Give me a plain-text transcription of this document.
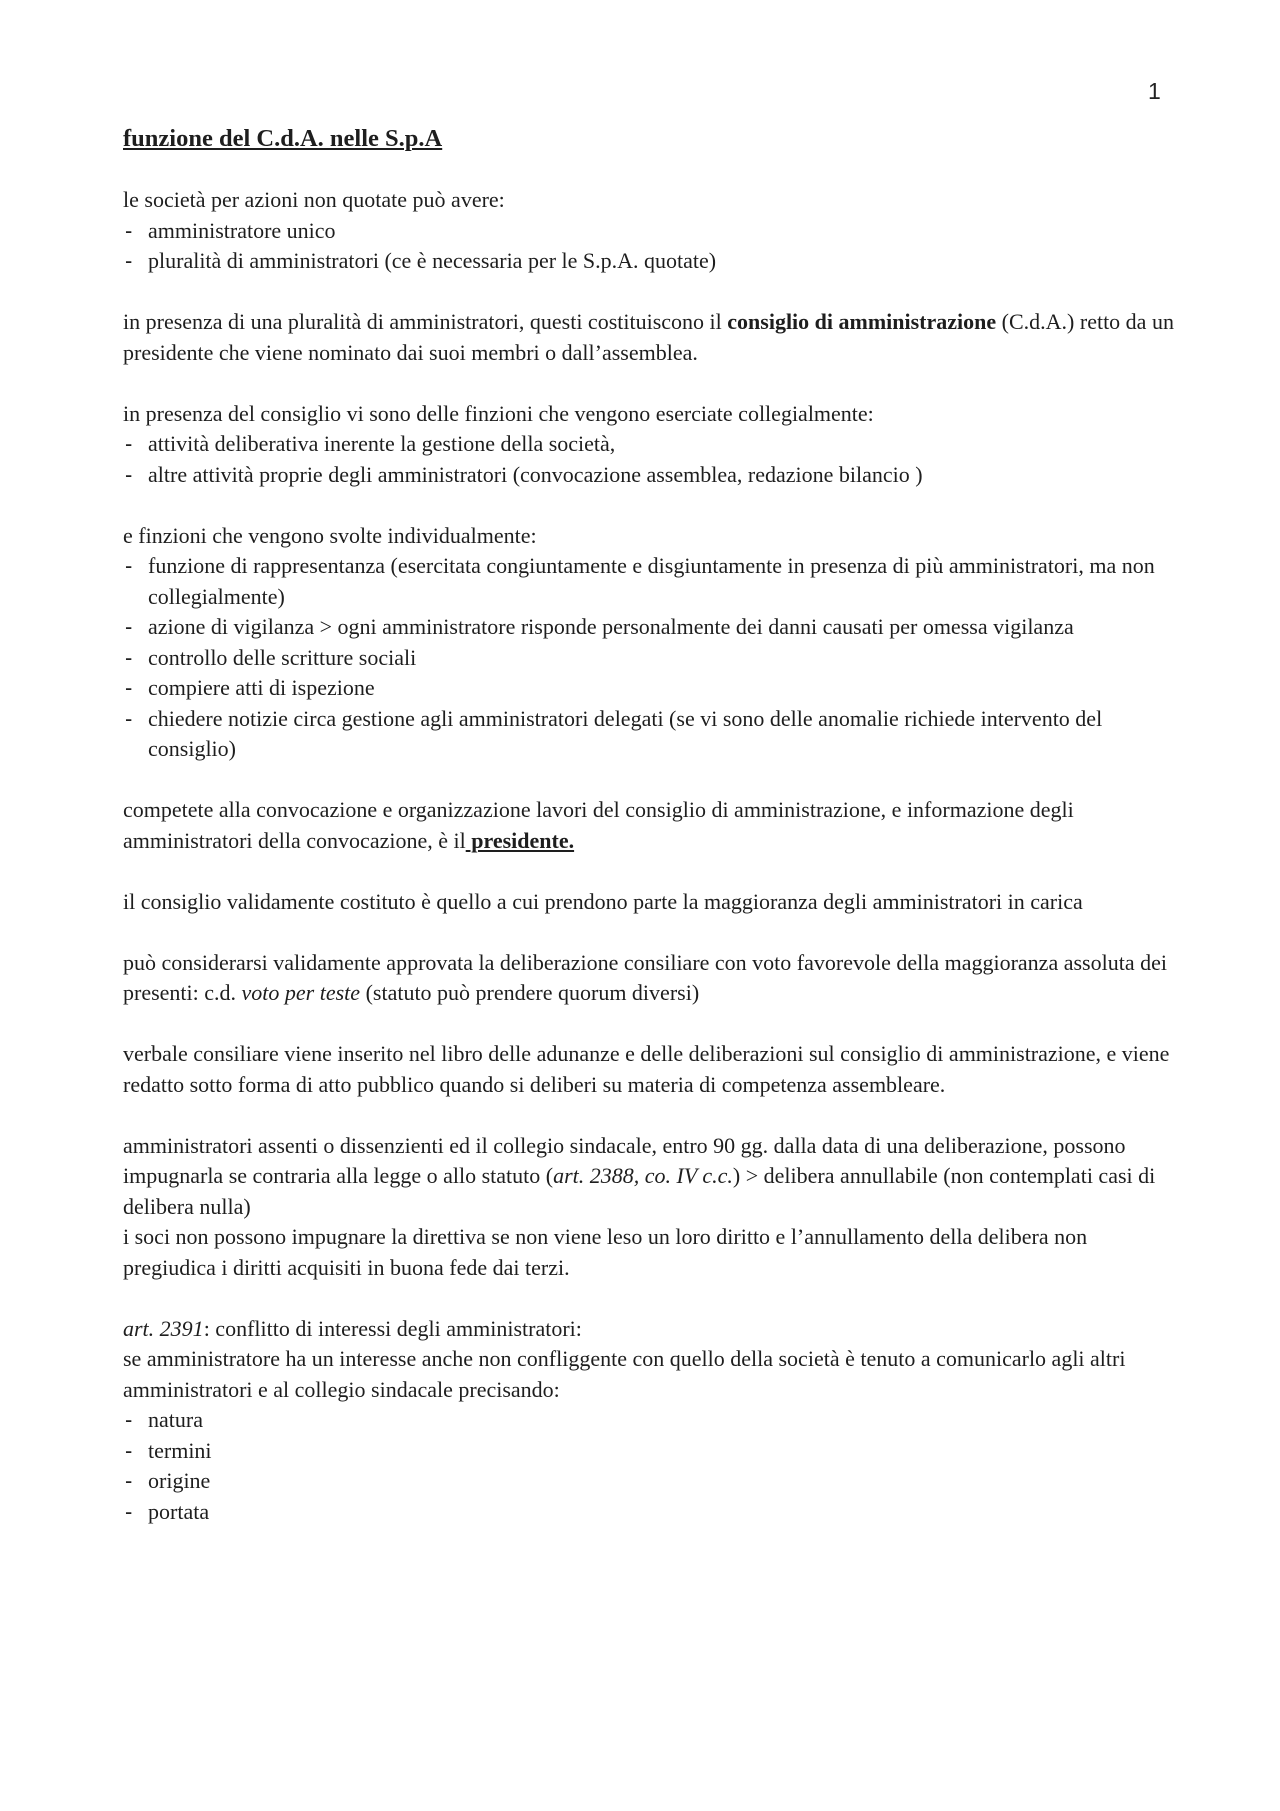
1
funzione del C.d.A. nelle S.p.A

le società per azioni non quotate può avere:

- amministratore unico
- pluralità di amministratori (ce è necessaria per le S.p.A. quotate)

in presenza di una pluralità di amministratori, questi costituiscono il consiglio di amministrazione (C.d.A.) retto da un presidente che viene nominato dai suoi membri o dall’assemblea.

in presenza del consiglio vi sono delle finzioni che vengono eserciate collegialmente:

- attività deliberativa inerente la gestione della società,
- altre attività proprie degli amministratori (convocazione assemblea, redazione bilancio )

e finzioni che vengono svolte individualmente:

- funzione di rappresentanza (esercitata congiuntamente e disgiuntamente in presenza di più amministratori, ma non collegialmente)
- azione di vigilanza > ogni amministratore risponde personalmente dei danni causati per omessa vigilanza
- controllo delle scritture sociali
- compiere atti di ispezione
- chiedere notizie circa gestione agli amministratori delegati (se vi sono delle anomalie richiede intervento del consiglio)

competete alla convocazione e organizzazione lavori del consiglio di amministrazione, e informazione degli amministratori della convocazione, è il presidente.

il consiglio validamente costituto è quello a cui prendono parte la maggioranza degli amministratori in carica

può considerarsi validamente approvata la deliberazione consiliare con voto favorevole della maggioranza assoluta dei presenti: c.d. voto per teste (statuto può prendere quorum diversi)

verbale consiliare viene inserito nel libro delle adunanze e delle deliberazioni sul consiglio di amministrazione, e viene redatto sotto forma di atto pubblico quando si deliberi su materia di competenza assembleare.

amministratori assenti o dissenzienti ed il collegio sindacale, entro 90 gg. dalla data di una deliberazione, possono impugnarla se contraria alla legge o allo statuto (art. 2388, co. IV c.c.) > delibera annullabile (non contemplati casi di delibera nulla)

i soci non possono impugnare la direttiva se non viene leso un loro diritto e l’annullamento della delibera non pregiudica i diritti acquisiti in buona fede dai terzi.

art. 2391: conflitto di interessi degli amministratori:

se amministratore ha un interesse anche non confliggente con quello della società è tenuto a comunicarlo agli altri amministratori e al collegio sindacale precisando:

- natura
- termini
- origine
- portata
